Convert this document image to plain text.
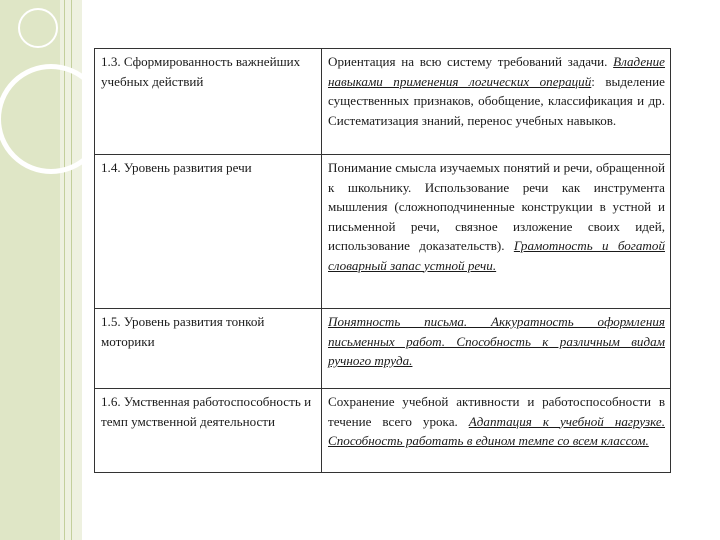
1.3. Сформированность важнейших учебных действий	Ориентация на всю систему требований задачи. Владение навыками применения логических операций: выделение существенных признаков, обобщение, классификация и др. Систематизация знаний, перенос учебных навыков.
1.4. Уровень развития речи	Понимание смысла изучаемых понятий и речи, обращенной к школьнику. Использование речи как инструмента мышления (сложноподчиненные конструкции в устной и письменной речи, связное изложение своих идей, использование доказательств). Грамотность и богатой словарный запас устной речи.
1.5. Уровень развития тонкой моторики	Понятность письма. Аккуратность оформления письменных работ. Способность к различным видам ручного труда.
1.6. Умственная работоспособность и темп умственной деятельности	Сохранение учебной активности и работоспособности в течение всего урока. Адаптация к учебной нагрузке. Способность работать в едином темпе со всем классом.
